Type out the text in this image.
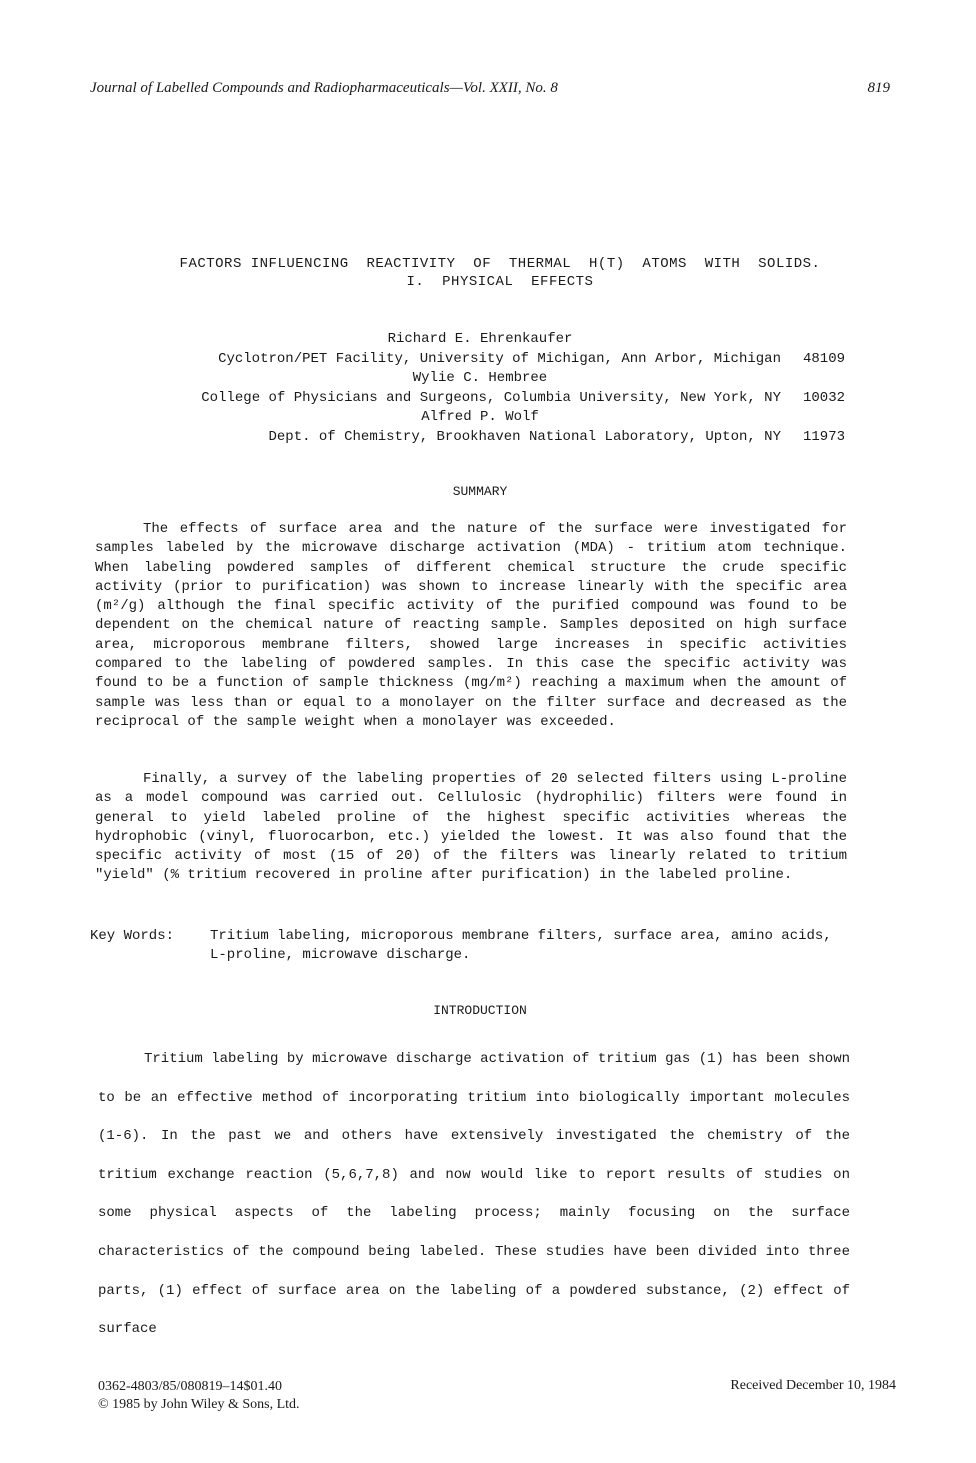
Journal of Labelled Compounds and Radiopharmaceuticals—Vol. XXII, No. 8	819
FACTORS INFLUENCING  REACTIVITY  OF  THERMAL  H(T)  ATOMS  WITH  SOLIDS.
I.  PHYSICAL  EFFECTS
Richard E. Ehrenkaufer
Cyclotron/PET Facility, University of Michigan, Ann Arbor, Michigan 48109
Wylie C. Hembree
College of Physicians and Surgeons, Columbia University, New York, NY 10032
Alfred P. Wolf
Dept. of Chemistry, Brookhaven National Laboratory, Upton, NY 11973
SUMMARY

The effects of surface area and the nature of the surface were investigated for samples labeled by the microwave discharge activation (MDA) - tritium atom technique. When labeling powdered samples of different chemical structure the crude specific activity (prior to purification) was shown to increase linearly with the specific area (m²/g) although the final specific activity of the purified compound was found to be dependent on the chemical nature of reacting sample. Samples deposited on high surface area, microporous membrane filters, showed large increases in specific activities compared to the labeling of powdered samples. In this case the specific activity was found to be a function of sample thickness (mg/m²) reaching a maximum when the amount of sample was less than or equal to a monolayer on the filter surface and decreased as the reciprocal of the sample weight when a monolayer was exceeded.

Finally, a survey of the labeling properties of 20 selected filters using L-proline as a model compound was carried out. Cellulosic (hydrophilic) filters were found in general to yield labeled proline of the highest specific activities whereas the hydrophobic (vinyl, fluorocarbon, etc.) yielded the lowest. It was also found that the specific activity of most (15 of 20) of the filters was linearly related to tritium "yield" (% tritium recovered in proline after purification) in the labeled proline.

Key Words:	Tritium labeling, microporous membrane filters, surface area, amino acids, L-proline, microwave discharge.
INTRODUCTION

Tritium labeling by microwave discharge activation of tritium gas (1) has been shown to be an effective method of incorporating tritium into biologically important molecules (1-6). In the past we and others have extensively investigated the chemistry of the tritium exchange reaction (5,6,7,8) and now would like to report results of studies on some physical aspects of the labeling process; mainly focusing on the surface characteristics of the compound being labeled. These studies have been divided into three parts, (1) effect of surface area on the labeling of a powdered substance, (2) effect of surface

0362-4803/85/080819–14$01.40
© 1985 by John Wiley & Sons, Ltd.
Received December 10, 1984
